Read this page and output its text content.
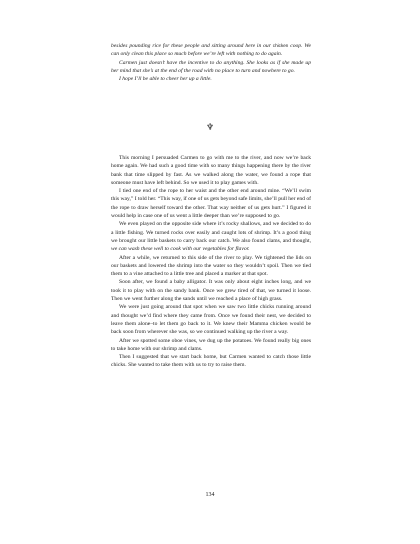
besides pounding rice for these people and sitting around here in our chicken coop. We can only clean this place so much before we’re left with nothing to do again.

Carmen just doesn’t have the incentive to do anything. She looks as if she made up her mind that she’s at the end of the road with no place to turn and nowhere to go.

I hope I’ll be able to cheer her up a little.

♆

This morning I persuaded Carmen to go with me to the river, and now we’re back home again. We had such a good time with so many things happening there by the river bank that time slipped by fast. As we walked along the water, we found a rope that someone must have left behind. So we used it to play games with.

I tied one end of the rope to her waist and the other end around mine. “We’ll swim this way,” I told her. “This way, if one of us gets beyond safe limits, she’ll pull her end of the rope to draw herself toward the other. That way neither of us gets hurt.” I figured it would help in case one of us went a little deeper than we’re supposed to go.

We even played on the opposite side where it’s rocky shallows, and we decided to do a little fishing. We turned rocks over easily and caught lots of shrimp. It’s a good thing we brought our little baskets to carry back our catch. We also found clams, and thought, we can wash these well to cook with our vegetables for flavor.

After a while, we returned to this side of the river to play. We tightened the lids on our baskets and lowered the shrimp into the water so they wouldn’t spoil. Then we tied them to a vine attached to a little tree and placed a marker at that spot.

Soon after, we found a baby alligator. It was only about eight inches long, and we took it to play with on the sandy bank. Once we grew tired of that, we turned it loose. Then we went further along the sands until we reached a place of high grass.

We were just going around that spot when we saw two little chicks running around and thought we’d find where they came from. Once we found their nest, we decided to leave them alone–to let them go back to it. We knew their Mamma chicken would be back soon from wherever she was, so we continued walking up the river a way.

After we spotted some oboe vines, we dug up the potatoes. We found really big ones to take home with our shrimp and clams.

Then I suggested that we start back home, but Carmen wanted to catch those little chicks. She wanted to take them with us to try to raise them.

134
